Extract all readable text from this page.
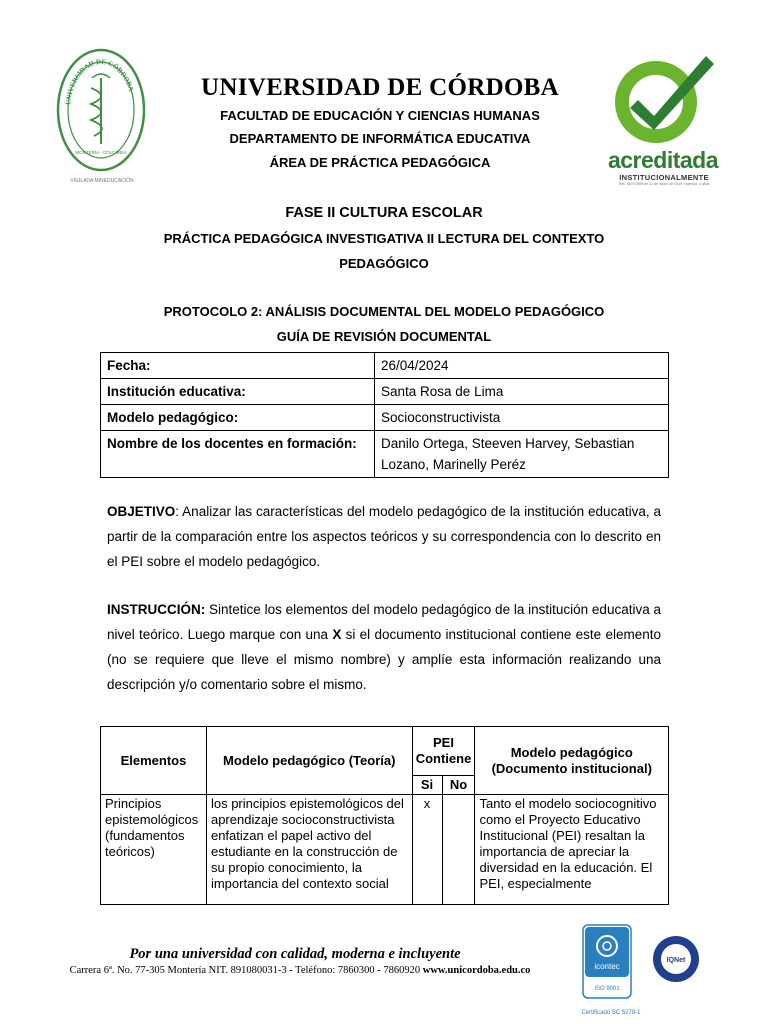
UNIVERSIDAD DE CÓRDOBA
MONTERÍA - COLOMBIA
VIGILADA MINEDUCACIÓN
UNIVERSIDAD DE CÓRDOBA
FACULTAD DE EDUCACIÓN Y CIENCIAS HUMANAS
DEPARTAMENTO DE INFORMÁTICA EDUCATIVA
ÁREA DE PRÁCTICA PEDAGÓGICA	acreditada
INSTITUCIONALMENTE
Res. 6876 2895 de 12 de marzo de 2019, vigencia: 4 años
FASE II CULTURA ESCOLAR
PRÁCTICA PEDAGÓGICA INVESTIGATIVA II LECTURA DEL CONTEXTO
PEDAGÓGICO
PROTOCOLO 2: ANÁLISIS DOCUMENTAL DEL MODELO PEDAGÓGICO
GUÍA DE REVISIÓN DOCUMENTAL
Fecha:	26/04/2024
Institución educativa:	Santa Rosa de Lima
Modelo pedagógico:	Socioconstructivista
Nombre de los docentes en formación:	Danilo Ortega, Steeven Harvey, Sebastian
Lozano, Marinelly Peréz
OBJETIVO: Analizar las características del modelo pedagógico de la institución educativa, a partir de la comparación entre los aspectos teóricos y su correspondencia con lo descrito en el PEI sobre el modelo pedagógico.
INSTRUCCIÓN: Sintetice los elementos del modelo pedagógico de la institución educativa a nivel teórico. Luego marque con una X si el documento institucional contiene este elemento (no se requiere que lleve el mismo nombre) y amplíe esta información realizando una descripción y/o comentario sobre el mismo.
Elementos	Modelo pedagógico (Teoría)	PEI Contiene		Modelo pedagógico (Documento institucional)
		Si	No	
Principios epistemológicos (fundamentos teóricos)	los principios epistemológicos del aprendizaje socioconstructivista enfatizan el papel activo del estudiante en la construcción de su propio conocimiento, la importancia del contexto social	x		Tanto el modelo sociocognitivo como el Proyecto Educativo Institucional (PEI) resaltan la importancia de apreciar la diversidad en la educación. El PEI, especialmente
Por una universidad con calidad, moderna e incluyente
Carrera 6ª. No. 77-305 Montería NIT. 891080031-3 - Teléfono: 7860300 - 7860920 www.unicordoba.edu.co	icontec
ISO 9001
IQNet
Certificado SC 5278-1
